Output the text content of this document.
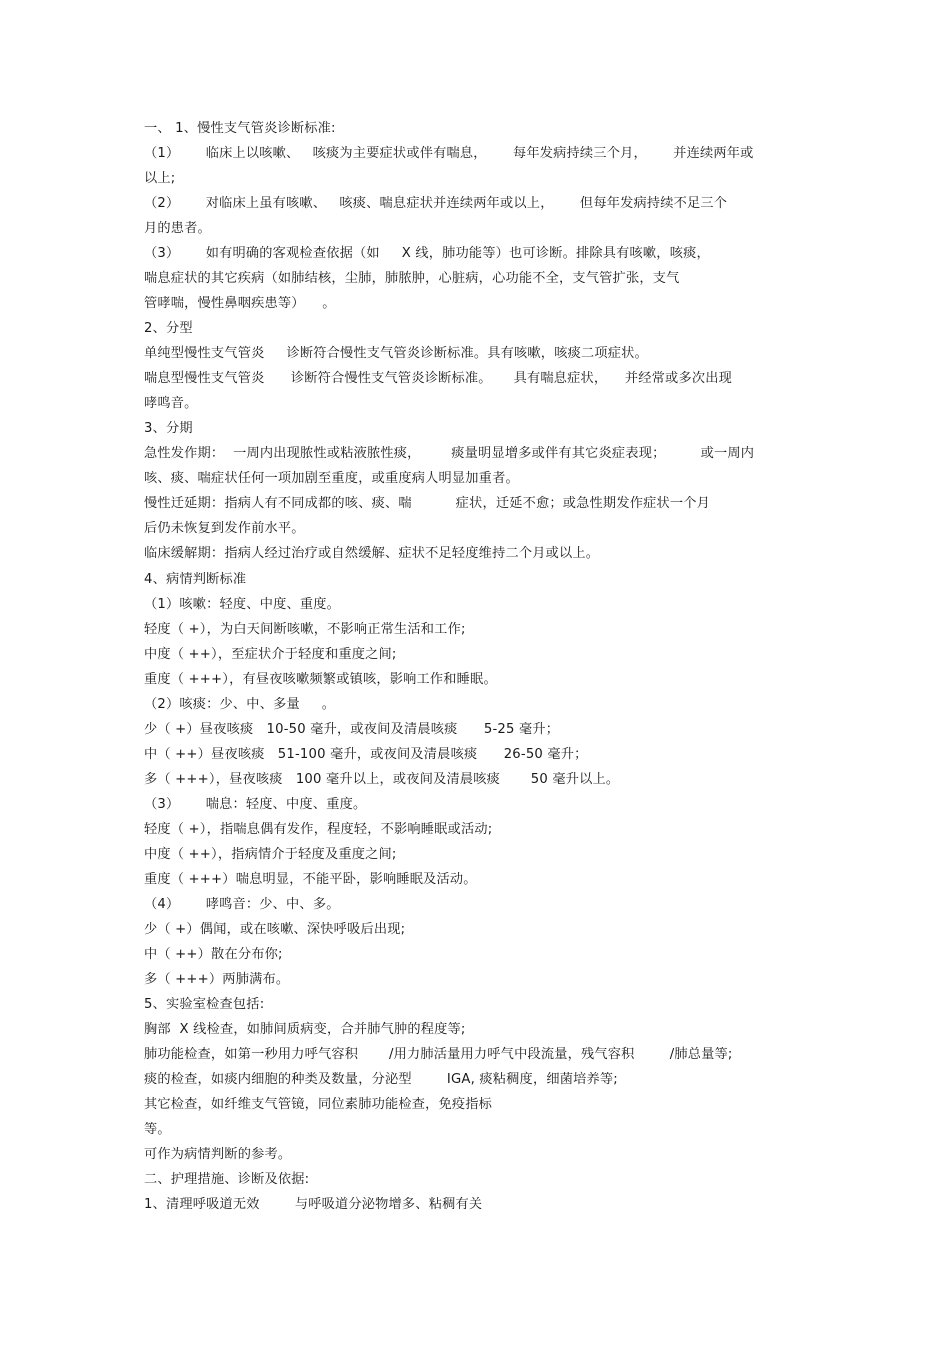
一、 1、慢性支气管炎诊断标准:
（1）      临床上以咳嗽、   咳痰为主要症状或伴有喘息，      每年发病持续三个月，      并连续两年或
以上;
（2）      对临床上虽有咳嗽、   咳痰、喘息症状并连续两年或以上，      但每年发病持续不足三个
月的患者。
（3）      如有明确的客观检查依据（如     X 线，肺功能等）也可诊断。排除具有咳嗽，咳痰，
喘息症状的其它疾病（如肺结核，尘肺，肺脓肿，心脏病，心功能不全，支气管扩张，支气
管哮喘，慢性鼻咽疾患等）    。
2、分型
单纯型慢性支气管炎     诊断符合慢性支气管炎诊断标准。具有咳嗽，咳痰二项症状。
喘息型慢性支气管炎      诊断符合慢性支气管炎诊断标准。     具有喘息症状，    并经常或多次出现
哮鸣音。
3、分期
急性发作期：  一周内出现脓性或粘液脓性痰，       痰量明显增多或伴有其它炎症表现；        或一周内
咳、痰、喘症状任何一项加剧至重度，或重度病人明显加重者。
慢性迁延期：指病人有不同成都的咳、痰、喘          症状，迁延不愈；或急性期发作症状一个月
后仍未恢复到发作前水平。
临床缓解期：指病人经过治疗或自然缓解、症状不足轻度维持二个月或以上。
4、病情判断标准
（1）咳嗽：轻度、中度、重度。
轻度（ +），为白天间断咳嗽，不影响正常生活和工作;
中度（ ++），至症状介于轻度和重度之间;
重度（ +++），有昼夜咳嗽频繁或镇咳，影响工作和睡眠。
（2）咳痰：少、中、多量     。
少（ +）昼夜咳痰   10-50 毫升，或夜间及清晨咳痰      5-25 毫升；
中（ ++）昼夜咳痰   51-100 毫升，或夜间及清晨咳痰      26-50 毫升；
多（ +++），昼夜咳痰   100 毫升以上，或夜间及清晨咳痰       50 毫升以上。
（3）      喘息：轻度、中度、重度。
轻度（ +），指喘息偶有发作，程度轻，不影响睡眠或活动;
中度（ ++），指病情介于轻度及重度之间;
重度（ +++）喘息明显，不能平卧，影响睡眠及活动。
（4）      哮鸣音：少、中、多。
少（ +）偶闻，或在咳嗽、深快呼吸后出现;
中（ ++）散在分布你;
多（ +++）两肺满布。
5、实验室检查包括:
胸部  X 线检查，如肺间质病变，合并肺气肿的程度等;
肺功能检查，如第一秒用力呼气容积       /用力肺活量用力呼气中段流量，残气容积        /肺总量等;
痰的检查，如痰内细胞的种类及数量，分泌型        IGA, 痰粘稠度，细菌培养等;
其它检查，如纤维支气管镜，同位素肺功能检查，免疫指标
等。
可作为病情判断的参考。
二、护理措施、诊断及依据:
1、清理呼吸道无效        与呼吸道分泌物增多、粘稠有关
